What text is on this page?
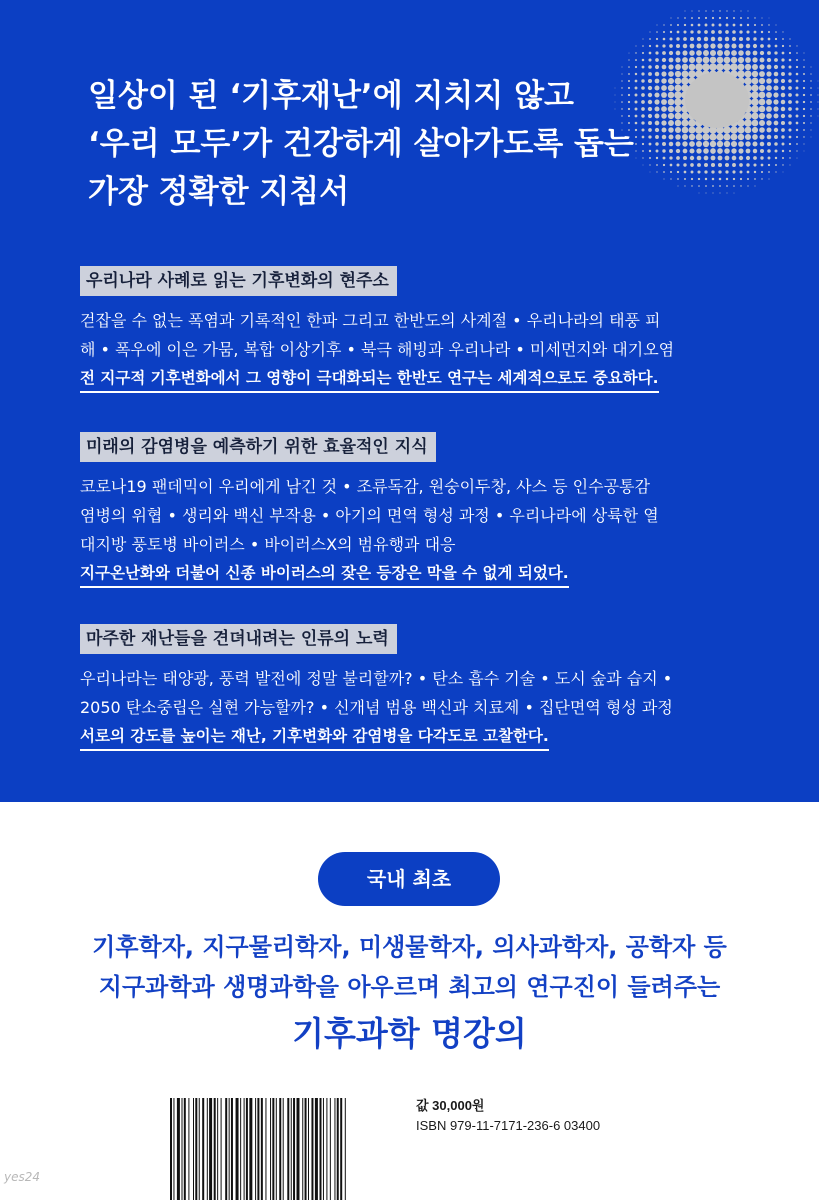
일상이 된 ‘기후재난’에 지치지 않고
‘우리 모두’가 건강하게 살아가도록 돕는
가장 정확한 지침서
우리나라 사례로 읽는 기후변화의 현주소
걷잡을 수 없는 폭염과 기록적인 한파 그리고 한반도의 사계절 • 우리나라의 태풍 피
해 • 폭우에 이은 가뭄, 복합 이상기후 • 북극 해빙과 우리나라 • 미세먼지와 대기오염
전 지구적 기후변화에서 그 영향이 극대화되는 한반도 연구는 세계적으로도 중요하다.
미래의 감염병을 예측하기 위한 효율적인 지식
코로나19 팬데믹이 우리에게 남긴 것 • 조류독감, 원숭이두창, 사스 등 인수공통감
염병의 위협 • 생리와 백신 부작용 • 아기의 면역 형성 과정 • 우리나라에 상륙한 열
대지방 풍토병 바이러스 • 바이러스X의 범유행과 대응
지구온난화와 더불어 신종 바이러스의 잦은 등장은 막을 수 없게 되었다.
마주한 재난들을 견뎌내려는 인류의 노력
우리나라는 태양광, 풍력 발전에 정말 불리할까? • 탄소 흡수 기술 • 도시 숲과 습지 •
2050 탄소중립은 실현 가능할까? • 신개념 범용 백신과 치료제 • 집단면역 형성 과정
서로의 강도를 높이는 재난, 기후변화와 감염병을 다각도로 고찰한다.
국내 최초
기후학자, 지구물리학자, 미생물학자, 의사과학자, 공학자 등
지구과학과 생명과학을 아우르며 최고의 연구진이 들려주는
기후과학 명강의
값 30,000원
ISBN 979-11-7171-236-6 03400
yes24
